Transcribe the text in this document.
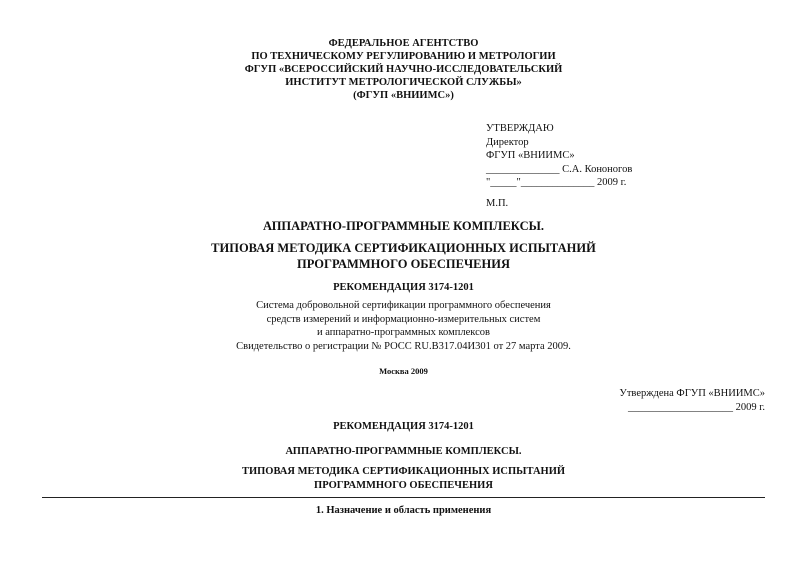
ФЕДЕРАЛЬНОЕ АГЕНТСТВО
ПО ТЕХНИЧЕСКОМУ РЕГУЛИРОВАНИЮ И МЕТРОЛОГИИ
ФГУП «ВСЕРОССИЙСКИЙ НАУЧНО-ИССЛЕДОВАТЕЛЬСКИЙ
ИНСТИТУТ МЕТРОЛОГИЧЕСКОЙ СЛУЖБЫ»
(ФГУП «ВНИИМС»)
УТВЕРЖДАЮ
Директор
ФГУП «ВНИИМС»
______________ С.А. Кононогов
"_____"______________ 2009 г.
М.П.
АППАРАТНО-ПРОГРАММНЫЕ КОМПЛЕКСЫ.
ТИПОВАЯ МЕТОДИКА СЕРТИФИКАЦИОННЫХ ИСПЫТАНИЙ
ПРОГРАММНОГО ОБЕСПЕЧЕНИЯ
РЕКОМЕНДАЦИЯ 3174-1201
Система добровольной сертификации программного обеспечения
средств измерений и информационно-измерительных систем
и аппаратно-программных комплексов
Свидетельство о регистрации № РОСС RU.B317.04И301 от 27 марта 2009.
Москва 2009
Утверждена ФГУП «ВНИИМС»
____________________ 2009 г.
РЕКОМЕНДАЦИЯ 3174-1201
АППАРАТНО-ПРОГРАММНЫЕ КОМПЛЕКСЫ.
ТИПОВАЯ МЕТОДИКА СЕРТИФИКАЦИОННЫХ ИСПЫТАНИЙ
ПРОГРАММНОГО ОБЕСПЕЧЕНИЯ
1. Назначение и область применения
